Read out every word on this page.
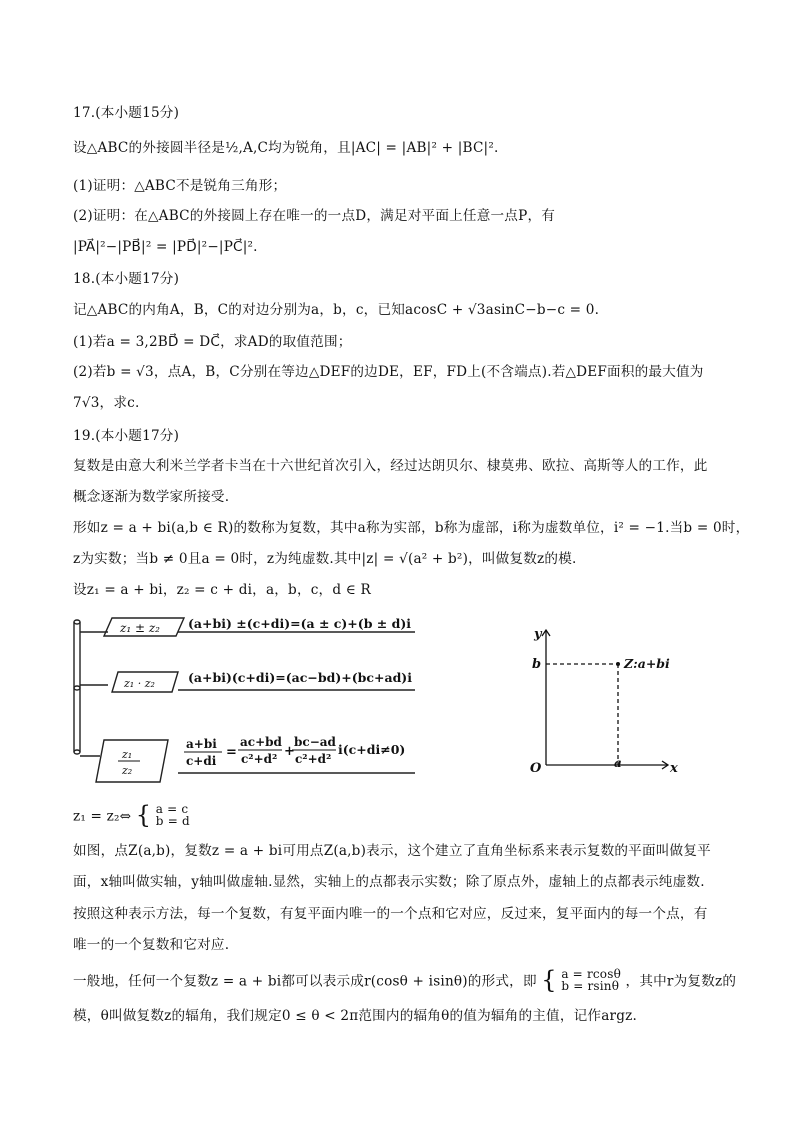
17.(本小题15分)
设△ABC的外接圆半径是½,A,C均为锐角，且|AC| = |AB|² + |BC|².
(1)证明：△ABC不是锐角三角形；
(2)证明：在△ABC的外接圆上存在唯一的一点D，满足对平面上任意一点P，有
|PA⃗|²−|PB⃗|² = |PD⃗|²−|PC⃗|².
18.(本小题17分)
记△ABC的内角A，B，C的对边分别为a，b，c，已知acosC + √3asinC−b−c = 0.
(1)若a = 3,2BD⃗ = DC⃗，求AD的取值范围；
(2)若b = √3，点A，B，C分别在等边△DEF的边DE，EF，FD上(不含端点).若△DEF面积的最大值为
7√3，求c.
19.(本小题17分)
复数是由意大利米兰学者卡当在十六世纪首次引入，经过达朗贝尔、棣莫弗、欧拉、高斯等人的工作，此
概念逐渐为数学家所接受.
形如z = a + bi(a,b ∈ R)的数称为复数，其中a称为实部，b称为虚部，i称为虚数单位，i² = −1.当b = 0时，
z为实数；当b ≠ 0且a = 0时，z为纯虚数.其中|z| = √(a² + b²)，叫做复数z的模.
设z₁ = a + bi，z₂ = c + di，a，b，c，d ∈ R
z₁ ± z₂ (a+bi) ±(c+di)=(a ± c)+(b ± d)i
z₁ · z₂	(a+bi)(c+di)=(ac−bd)+(bc+ad)i
z₁
z₂
a+bi
c+di
=
ac+bd
c²+d² +
bc−ad
c²+d²
i(c+di≠0)
y
x
O
b
a
Z:a+bi
z₁ = z₂⇔ { a = c
b = d
如图，点Z(a,b)，复数z = a + bi可用点Z(a,b)表示，这个建立了直角坐标系来表示复数的平面叫做复平
面，x轴叫做实轴，y轴叫做虚轴.显然，实轴上的点都表示实数；除了原点外，虚轴上的点都表示纯虚数.
按照这种表示方法，每一个复数，有复平面内唯一的一个点和它对应，反过来，复平面内的每一个点，有
唯一的一个复数和它对应.
一般地，任何一个复数z = a + bi都可以表示成r(cosθ + isinθ)的形式，即 { a = rcosθ
b = rsinθ ，其中r为复数z的
模，θ叫做复数z的辐角，我们规定0 ≤ θ < 2π范围内的辐角θ的值为辐角的主值，记作argz.
